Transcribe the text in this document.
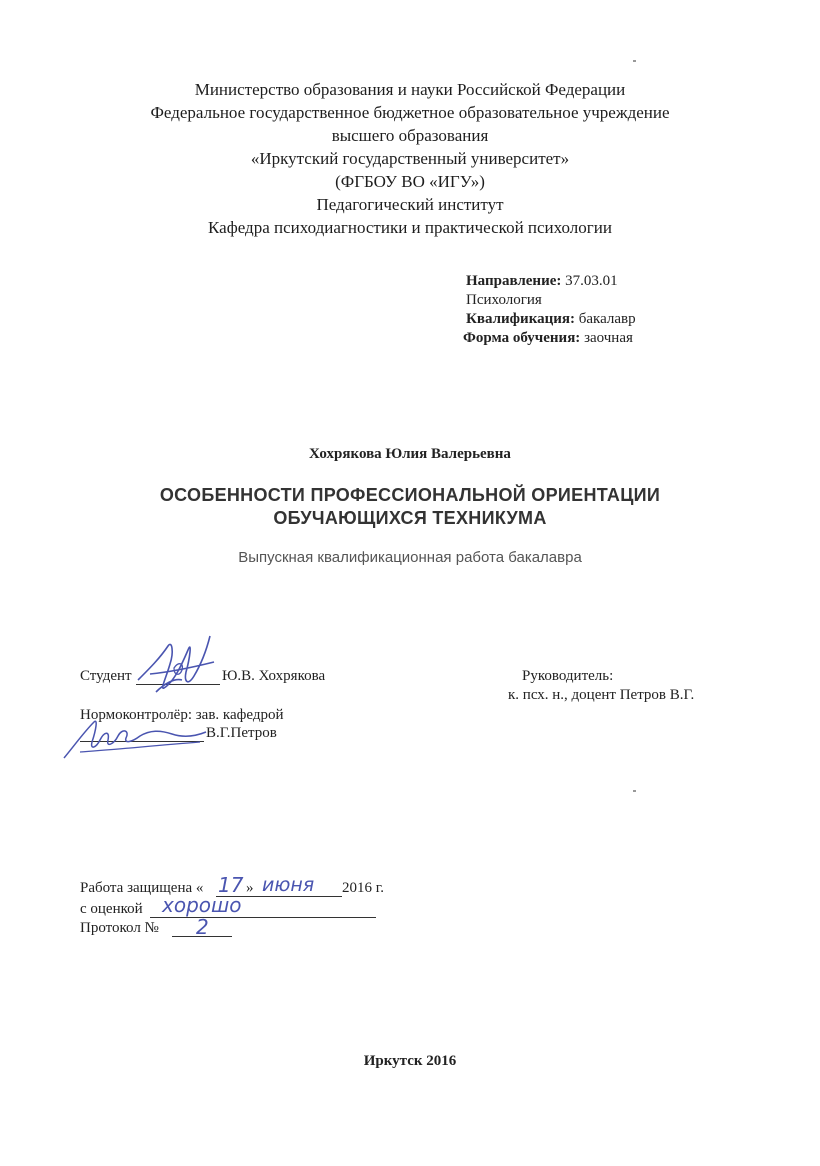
Министерство образования и науки Российской Федерации
Федеральное государственное бюджетное образовательное учреждение
высшего образования
«Иркутский государственный университет»
(ФГБОУ ВО «ИГУ»)
Педагогический институт
Кафедра психодиагностики и практической психологии
Направление: 37.03.01
Психология
Квалификация: бакалавр
Форма обучения: заочная
Хохрякова Юлия Валерьевна
ОСОБЕННОСТИ ПРОФЕССИОНАЛЬНОЙ ОРИЕНТАЦИИ
ОБУЧАЮЩИХСЯ ТЕХНИКУМА
Выпускная квалификационная работа бакалавра
Студент	Ю.В. Хохрякова	Руководитель:
к. псх. н., доцент Петров В.Г.
Нормоконтролёр: зав. кафедрой
В.Г.Петров
Работа защищена « 17 » июня 2016 г.
с оценкой хорошо
Протокол № 2
Иркутск 2016
